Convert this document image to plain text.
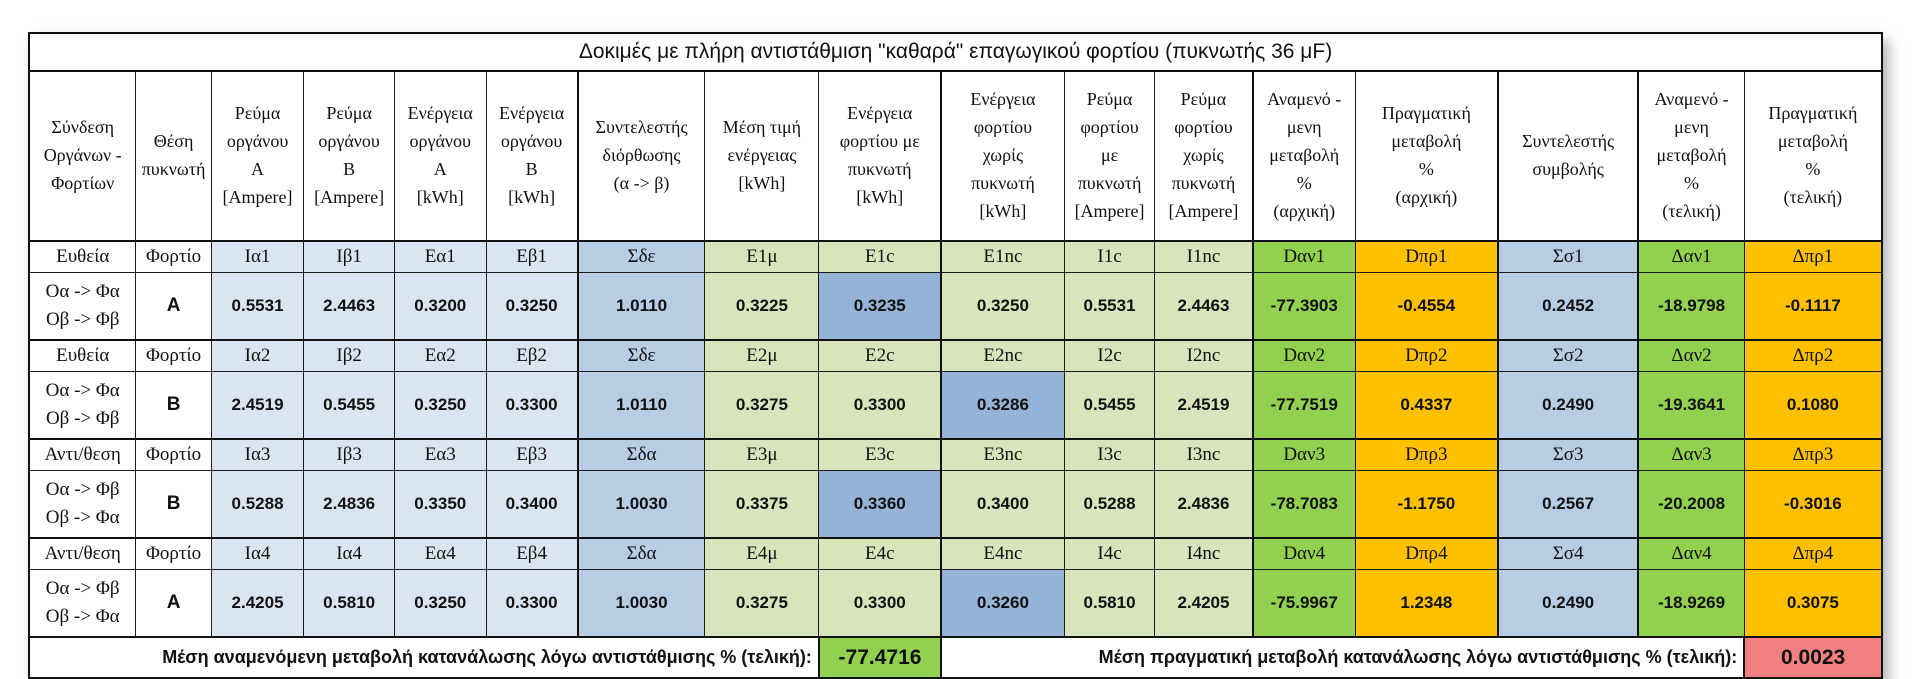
Δοκιμές με πλήρη αντιστάθμιση "καθαρά" επαγωγικού φορτίου (πυκνωτής 36 μF)																
Σύνδεση
Οργάνων -
Φορτίων	Θέση
πυκνωτή	Ρεύμα
οργάνου
Α
[Ampere]	Ρεύμα
οργάνου
Β
[Ampere]	Ενέργεια
οργάνου
Α
[kWh]	Ενέργεια
οργάνου
Β
[kWh]	Συντελεστής
διόρθωσης
(α -> β)	Μέση τιμή
ενέργειας
[kWh]	Ενέργεια
φορτίου με
πυκνωτή
[kWh]	Ενέργεια
φορτίου
χωρίς
πυκνωτή
[kWh]	Ρεύμα
φορτίου
με
πυκνωτή
[Ampere]	Ρεύμα
φορτίου
χωρίς
πυκνωτή
[Ampere]	Αναμενό -
μενη
μεταβολή
%
(αρχική)	Πραγματική
μεταβολή
%
(αρχική)	Συντελεστής
συμβολής	Αναμενό -
μενη
μεταβολή
%
(τελική)	Πραγματική
μεταβολή
%
(τελική)
Ευθεία	Φορτίο	Ια1	Ιβ1	Εα1	Εβ1	Σδε	Ε1μ	Ε1c	Ε1nc	Ι1c	Ι1nc	Dαν1	Dπρ1	Σσ1	Δαν1	Δπρ1
Οα -> Φα
Οβ -> Φβ	Α	0.5531	2.4463	0.3200	0.3250	1.0110	0.3225	0.3235	0.3250	0.5531	2.4463	-77.3903	-0.4554	0.2452	-18.9798	-0.1117
Ευθεία	Φορτίο	Ια2	Ιβ2	Εα2	Εβ2	Σδε	Ε2μ	Ε2c	Ε2nc	Ι2c	Ι2nc	Dαν2	Dπρ2	Σσ2	Δαν2	Δπρ2
Οα -> Φα
Οβ -> Φβ	Β	2.4519	0.5455	0.3250	0.3300	1.0110	0.3275	0.3300	0.3286	0.5455	2.4519	-77.7519	0.4337	0.2490	-19.3641	0.1080
Αντι/θεση	Φορτίο	Ια3	Ιβ3	Εα3	Εβ3	Σδα	Ε3μ	Ε3c	Ε3nc	Ι3c	Ι3nc	Dαν3	Dπρ3	Σσ3	Δαν3	Δπρ3
Οα -> Φβ
Οβ -> Φα	Β	0.5288	2.4836	0.3350	0.3400	1.0030	0.3375	0.3360	0.3400	0.5288	2.4836	-78.7083	-1.1750	0.2567	-20.2008	-0.3016
Αντι/θεση	Φορτίο	Ια4	Ια4	Εα4	Εβ4	Σδα	Ε4μ	Ε4c	Ε4nc	Ι4c	Ι4nc	Dαν4	Dπρ4	Σσ4	Δαν4	Δπρ4
Οα -> Φβ
Οβ -> Φα	Α	2.4205	0.5810	0.3250	0.3300	1.0030	0.3275	0.3300	0.3260	0.5810	2.4205	-75.9967	1.2348	0.2490	-18.9269	0.3075
Μέση αναμενόμενη μεταβολή κατανάλωσης λόγω αντιστάθμισης % (τελική):								-77.4716	Μέση πραγματική μεταβολή κατανάλωσης λόγω αντιστάθμισης % (τελική):							0.0023
